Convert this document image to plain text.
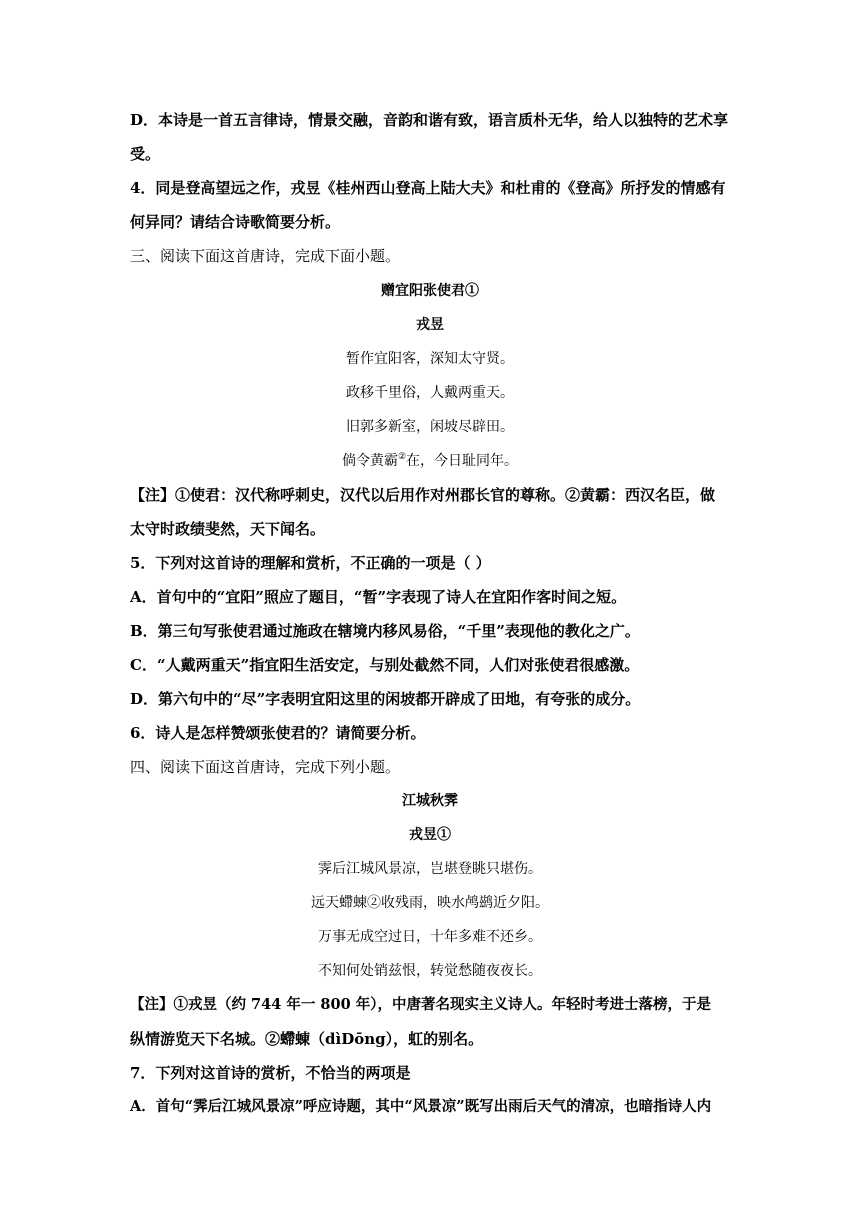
D．本诗是一首五言律诗，情景交融，音韵和谐有致，语言质朴无华，给人以独特的艺术享
受。
4．同是登高望远之作，戎昱《桂州西山登高上陆大夫》和杜甫的《登高》所抒发的情感有
何异同？请结合诗歌简要分析。
三、阅读下面这首唐诗，完成下面小题。
赠宜阳张使君①
戎昱
暂作宜阳客，深知太守贤。
政移千里俗，人戴两重天。
旧郭多新室，闲坡尽辟田。
倘令黄霸②在，今日耻同年。
【注】①使君：汉代称呼刺史，汉代以后用作对州郡长官的尊称。②黄霸：西汉名臣，做
太守时政绩斐然，天下闻名。
5．下列对这首诗的理解和赏析，不正确的一项是（ ）
A．首句中的“宜阳”照应了题目，“暂”字表现了诗人在宜阳作客时间之短。
B．第三句写张使君通过施政在辖境内移风易俗，“千里”表现他的教化之广。
C．“人戴两重天”指宜阳生活安定，与别处截然不同，人们对张使君很感激。
D．第六句中的“尽”字表明宜阳这里的闲坡都开辟成了田地，有夸张的成分。
6．诗人是怎样赞颂张使君的？请简要分析。
四、阅读下面这首唐诗，完成下列小题。
江城秋霁
戎昱①
霁后江城风景凉，岂堪登眺只堪伤。
远天螮蝀②收残雨，映水鸬鹚近夕阳。
万事无成空过日，十年多难不还乡。
不知何处销兹恨，转觉愁随夜夜长。
【注】①戎昱（约 744 年一 800 年），中唐著名现实主义诗人。年轻时考进士落榜，于是
纵情游览天下名城。②螮蝀（dìDōng），虹的别名。
7．下列对这首诗的赏析，不恰当的两项是
A．首句“霁后江城风景凉”呼应诗题，其中“风景凉”既写出雨后天气的清凉，也暗指诗人内
